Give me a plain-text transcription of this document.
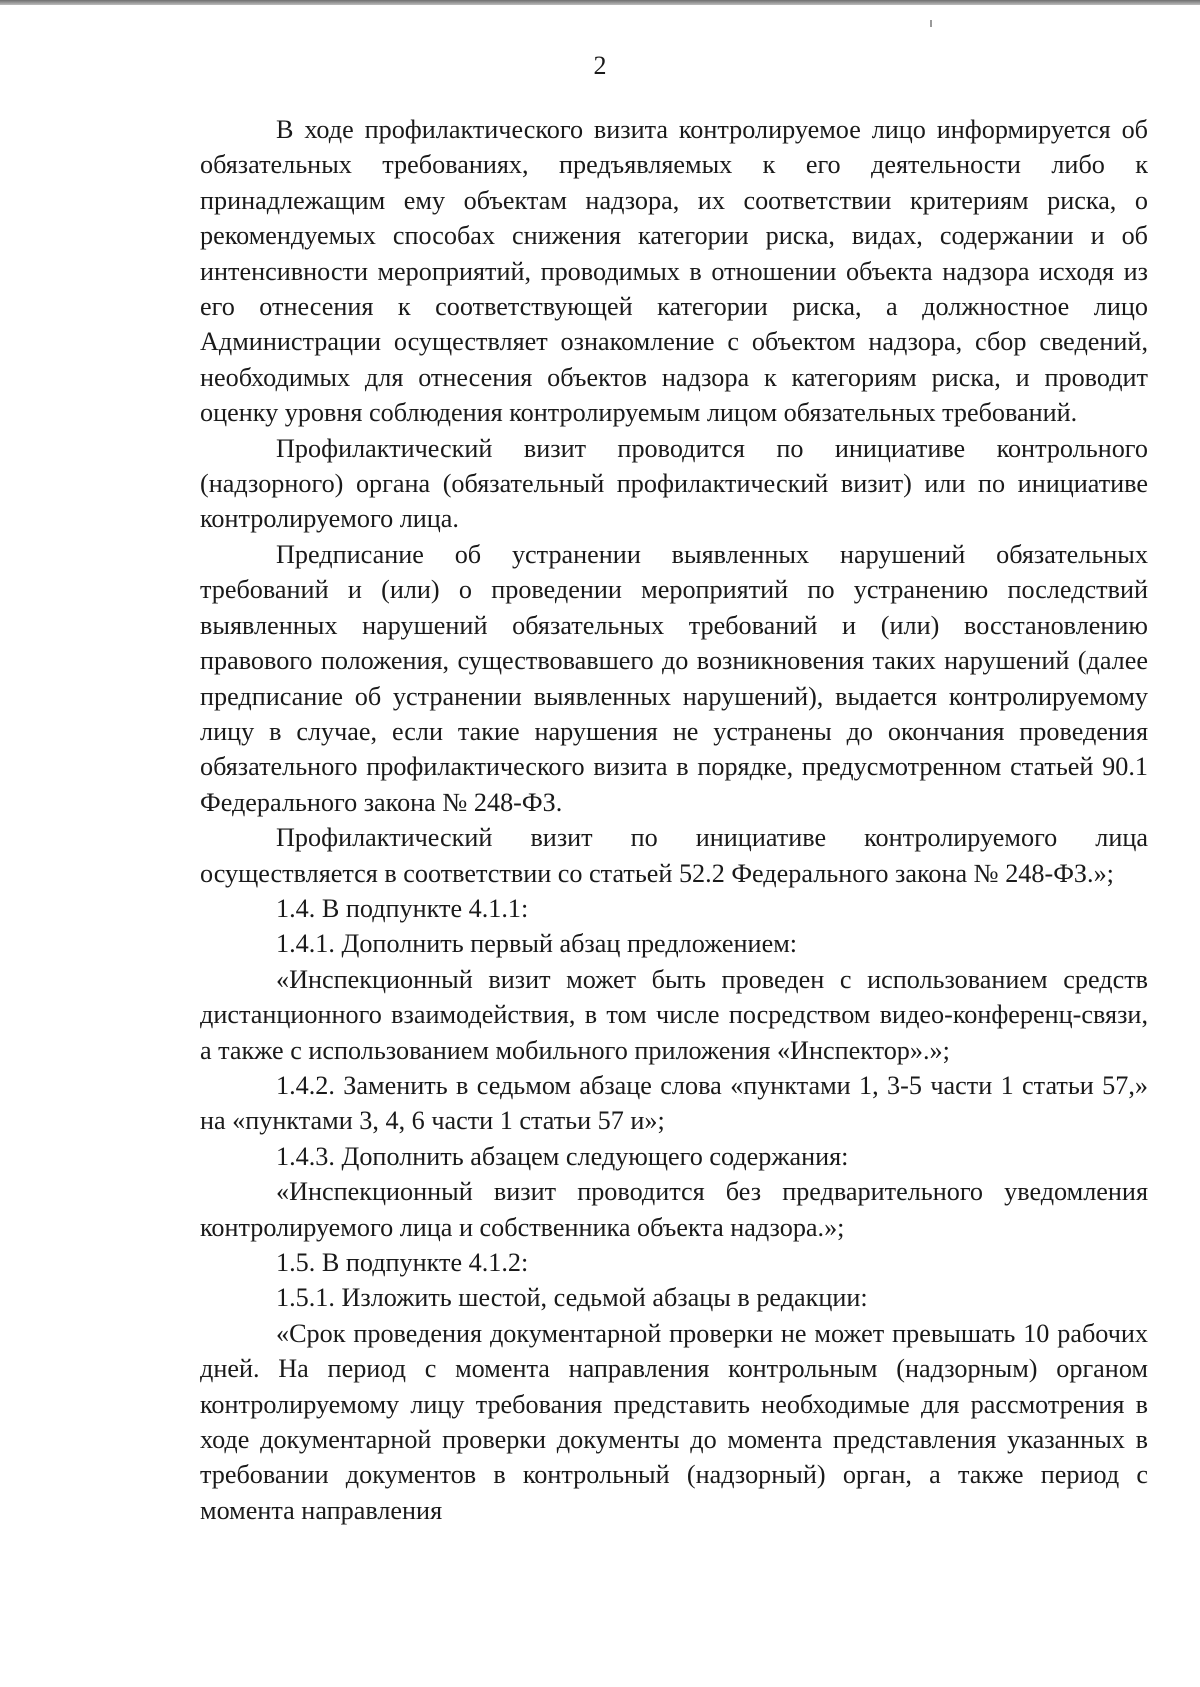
2

В ходе профилактического визита контролируемое лицо информируется об обязательных требованиях, предъявляемых к его деятельности либо к принадлежащим ему объектам надзора, их соответствии критериям риска, о рекомендуемых способах снижения категории риска, видах, содержании и об интенсивности мероприятий, проводимых в отношении объекта надзора исходя из его отнесения к соответствующей категории риска, а должностное лицо Администрации осуществляет ознакомление с объектом надзора, сбор сведений, необходимых для отнесения объектов надзора к категориям риска, и проводит оценку уровня соблюдения контролируемым лицом обязательных требований.

Профилактический визит проводится по инициативе контрольного (надзорного) органа (обязательный профилактический визит) или по инициативе контролируемого лица.

Предписание об устранении выявленных нарушений обязательных требований и (или) о проведении мероприятий по устранению последствий выявленных нарушений обязательных требований и (или) восстановлению правового положения, существовавшего до возникновения таких нарушений (далее предписание об устранении выявленных нарушений), выдается контролируемому лицу в случае, если такие нарушения не устранены до окончания проведения обязательного профилактического визита в порядке, предусмотренном статьей 90.1 Федерального закона № 248-ФЗ.

Профилактический визит по инициативе контролируемого лица осуществляется в соответствии со статьей 52.2 Федерального закона № 248-ФЗ.»;

1.4. В подпункте 4.1.1:

1.4.1. Дополнить первый абзац предложением:

«Инспекционный визит может быть проведен с использованием средств дистанционного взаимодействия, в том числе посредством видео-конференц-связи, а также с использованием мобильного приложения «Инспектор».»;

1.4.2. Заменить в седьмом абзаце слова «пунктами 1, 3-5 части 1 статьи 57,» на «пунктами 3, 4, 6 части 1 статьи 57 и»;

1.4.3. Дополнить абзацем следующего содержания:

«Инспекционный визит проводится без предварительного уведомления контролируемого лица и собственника объекта надзора.»;

1.5. В подпункте 4.1.2:

1.5.1. Изложить шестой, седьмой абзацы в редакции:

«Срок проведения документарной проверки не может превышать 10 рабочих дней. На период с момента направления контрольным (надзорным) органом контролируемому лицу требования представить необходимые для рассмотрения в ходе документарной проверки документы до момента представления указанных в требовании документов в контрольный (надзорный) орган, а также период с момента направления
